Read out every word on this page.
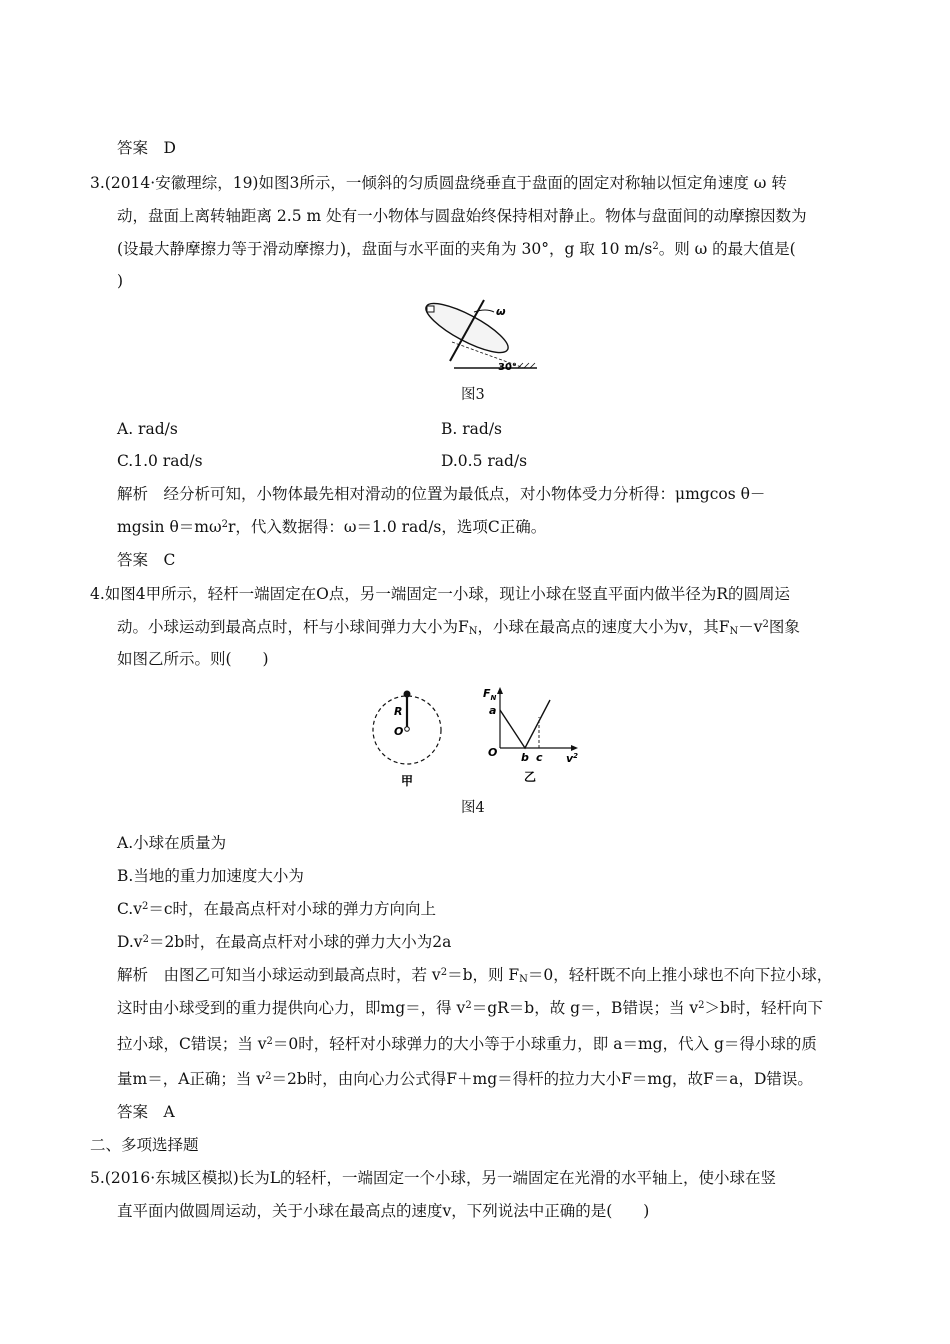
答案　D
3.(2014·安徽理综，19)如图3所示，一倾斜的匀质圆盘绕垂直于盘面的固定对称轴以恒定角速度 ω 转
动，盘面上离转轴距离 2.5 m 处有一小物体与圆盘始终保持相对静止。物体与盘面间的动摩擦因数为
(设最大静摩擦力等于滑动摩擦力)，盘面与水平面的夹角为 30°，g 取 10 $m/s^2$。则 ω 的最大值是(
)
ω
30°
图3
A. rad/s	B. rad/s
C.1.0 rad/s	D.0.5 rad/s
解析　经分析可知，小物体最先相对滑动的位置为最低点，对小物体受力分析得：μmgcos θ－
mgsin $\theta=m\omega^2r$，代入数据得：ω＝1.0 rad/s，选项C正确。
答案　C
4.如图4甲所示，轻杆一端固定在O点，另一端固定一小球，现让小球在竖直平面内做半径为R的圆周运
动。小球运动到最高点时，杆与小球间弹力大小为$F_N$，小球在最高点的速度大小为v，其$F_N-v^2$图象
如图乙所示。则(　　)
R
O
甲
$F_N$
a
O b c $v^2$
乙
图4
A.小球在质量为
B.当地的重力加速度大小为
$C.v^2=c$时，在最高点杆对小球的弹力方向向上
$D.v^2=2b$时，在最高点杆对小球的弹力大小为2a
解析　由图乙可知当小球运动到最高点时，若 $v^2=b$，则 $F_N=0$，轻杆既不向上推小球也不向下拉小球，
这时由小球受到的重力提供向心力，即mg＝，得 $v^2=gR=b$，故 g＝，B错误；当 $v^2>b$时，轻杆向下
拉小球，C错误；当 $v^2=0$时，轻杆对小球弹力的大小等于小球重力，即 a＝mg，代入 g＝得小球的质
量m＝，A正确；当 $v^2=2b$时，由向心力公式得F＋mg＝得杆的拉力大小F＝mg，故F＝a，D错误。
答案　A
二、多项选择题
5.(2016·东城区模拟)长为L的轻杆，一端固定一个小球，另一端固定在光滑的水平轴上，使小球在竖
直平面内做圆周运动，关于小球在最高点的速度v，下列说法中正确的是(　　)
